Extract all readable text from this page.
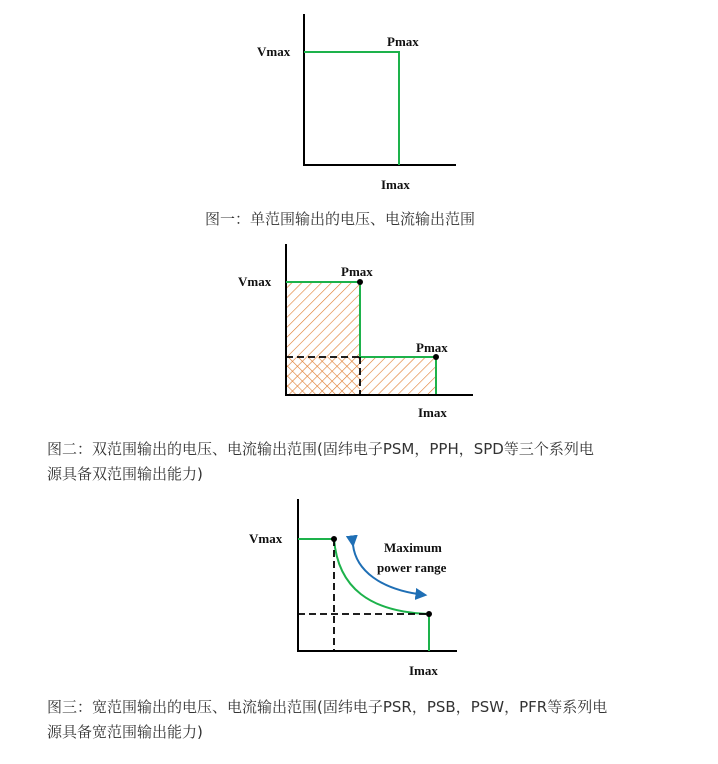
Vmax
Pmax
Imax
Vmax
Pmax
Pmax
Imax
Vmax
Imax
Maximum
power range
图一：单范围输出的电压、电流输出范围
图二：双范围输出的电压、电流输出范围(固纬电子PSM，PPH，SPD等三个系列电
源具备双范围输出能力)
图三：宽范围输出的电压、电流输出范围(固纬电子PSR，PSB，PSW，PFR等系列电
源具备宽范围输出能力)
